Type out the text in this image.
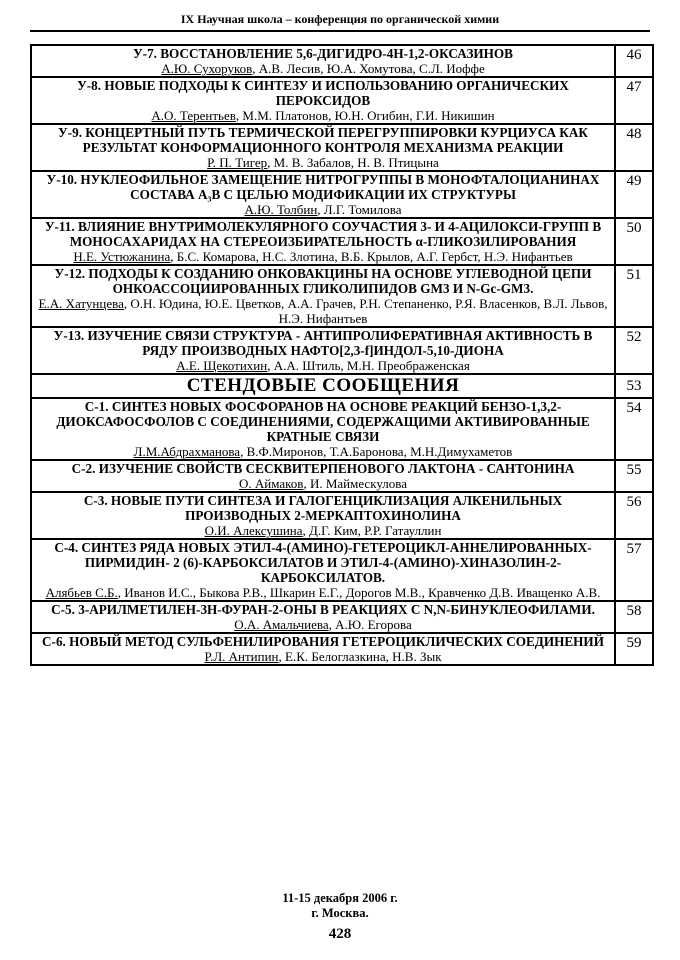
IX Научная школа – конференция по органической химии
У-7. ВОССТАНОВЛЕНИЕ 5,6-ДИГИДРО-4Н-1,2-ОКСАЗИНОВ
А.Ю. Сухоруков, А.В. Лесив, Ю.А. Хомутова, С.Л. Иоффе	46

У-8. НОВЫЕ ПОДХОДЫ К СИНТЕЗУ И ИСПОЛЬЗОВАНИЮ ОРГАНИЧЕСКИХ ПЕРОКСИДОВ
А.О. Терентьев, М.М. Платонов, Ю.Н. Огибин, Г.И. Никишин	47

У-9. КОНЦЕРТНЫЙ ПУТЬ ТЕРМИЧЕСКОЙ ПЕРЕГРУППИРОВКИ КУРЦИУСА КАК РЕЗУЛЬТАТ КОНФОРМАЦИОННОГО КОНТРОЛЯ МЕХАНИЗМА РЕАКЦИИ
Р. П. Тигер, М. В. Забалов, Н. В. Птицына	48

У-10. НУКЛЕОФИЛЬНОЕ ЗАМЕЩЕНИЕ НИТРОГРУППЫ В МОНОФТАЛОЦИАНИНАХ СОСТАВА А₃В С ЦЕЛЬЮ МОДИФИКАЦИИ ИХ СТРУКТУРЫ
А.Ю. Толбин, Л.Г. Томилова	49

У-11. ВЛИЯНИЕ ВНУТРИМОЛЕКУЛЯРНОГО СОУЧАСТИЯ 3- И 4-АЦИЛОКСИ-ГРУПП В МОНОСАХАРИДАХ НА СТЕРЕОИЗБИРАТЕЛЬНОСТЬ α-ГЛИКОЗИЛИРОВАНИЯ
Н.Е. Устюжанина, Б.С. Комарова, Н.С. Злотина, В.Б. Крылов, А.Г. Гербст, Н.Э. Нифантьев	50

У-12. ПОДХОДЫ К СОЗДАНИЮ ОНКОВАКЦИНЫ НА ОСНОВЕ УГЛЕВОДНОЙ ЦЕПИ ОНКОАССОЦИИРОВАННЫХ ГЛИКОЛИПИДОВ GM3 И N-Gc-GM3.
Е.А. Хатунцева, О.Н. Юдина, Ю.Е. Цветков, А.А. Грачев, Р.Н. Степаненко, Р.Я. Власенков, В.Л. Львов, Н.Э. Нифантьев	51

У-13. ИЗУЧЕНИЕ СВЯЗИ СТРУКТУРА - АНТИПРОЛИФЕРАТИВНАЯ АКТИВНОСТЬ В РЯДУ ПРОИЗВОДНЫХ НАФТО[2,3-f]ИНДОЛ-5,10-ДИОНА
А.Е. Щекотихин, А.А. Штиль, М.Н. Преображенская	52
СТЕНДОВЫЕ СООБЩЕНИЯ	53

С-1. СИНТЕЗ НОВЫХ ФОСФОРАНОВ НА ОСНОВЕ РЕАКЦИЙ БЕНЗО-1,3,2-ДИОКСАФОСФОЛОВ С СОЕДИНЕНИЯМИ, СОДЕРЖАЩИМИ АКТИВИРОВАННЫЕ КРАТНЫЕ СВЯЗИ
Л.М.Абдрахманова, В.Ф.Миронов, Т.А.Баронова, М.Н.Димухаметов	54

С-2. ИЗУЧЕНИЕ СВОЙСТВ СЕСКВИТЕРПЕНОВОГО ЛАКТОНА - САНТОНИНА
О. Аймаков, И. Маймескулова	55

С-3. НОВЫЕ ПУТИ СИНТЕЗА И ГАЛОГЕНЦИКЛИЗАЦИЯ АЛКЕНИЛЬНЫХ ПРОИЗВОДНЫХ 2-МЕРКАПТОХИНОЛИНА
О.И. Алексушина, Д.Г. Ким, Р.Р. Гатауллин	56

С-4. СИНТЕЗ РЯДА НОВЫХ ЭТИЛ-4-(АМИНО)-ГЕТЕРОЦИКЛ-АННЕЛИРОВАННЫХ-ПИРМИДИН- 2 (6)-КАРБОКСИЛАТОВ И ЭТИЛ-4-(АМИНО)-ХИНАЗОЛИН-2-КАРБОКСИЛАТОВ.
Алябьев С.Б., Иванов И.С., Быкова Р.В., Шкарин Е.Г., Дорогов М.В., Кравченко Д.В. Иващенко А.В.	57

С-5. 3-АРИЛМЕТИЛЕН-3Н-ФУРАН-2-ОНЫ В РЕАКЦИЯХ С N,N-БИНУКЛЕОФИЛАМИ.
О.А. Амальчиева, А.Ю. Егорова	58

С-6. НОВЫЙ МЕТОД СУЛЬФЕНИЛИРОВАНИЯ ГЕТЕРОЦИКЛИЧЕСКИХ СОЕДИНЕНИЙ
Р.Л. Антипин, Е.К. Белоглазкина, Н.В. Зык	59
11-15 декабря 2006 г.
г. Москва.
428
